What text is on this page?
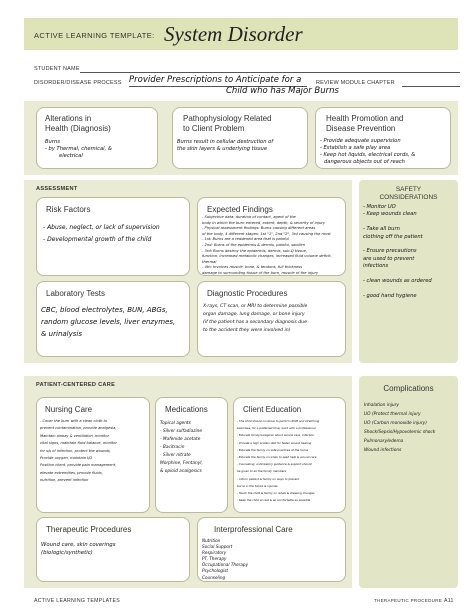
ACTIVE LEARNING TEMPLATE: System Disorder
STUDENT NAME
DISORDER/DISEASE PROCESS Provider Prescriptions to Anticipate for a
Child who has Major Burns
REVIEW MODULE CHAPTER
Alterations in
Health (Diagnosis)
Burns
- by Thermal, chemical, &
electrical
Pathophysiology Related
to Client Problem
Burns result in cellular destruction of
the skin layers & underlying tissue
Health Promotion and
Disease Prevention
- Provide adequate supervision
- Establish a safe play area
- Keep hot liquids, electrical cords, &
dangerous objects out of reach
ASSESSMENT
Risk Factors
- Abuse, neglect, or lack of supervision
- Developmental growth of the child
Expected Findings
- Subjective data: duration of contact, agent of the
body in which the burn entered, extent, depth, & severity of injury
- Physical assessment findings: Burns causing different areas
of the body, 4 different stages: 1st "1", 2nd "2", 3rd causing the most
- 1st: Burns are a reddened area that is painful
- 2nd: Burns of the epidermis & dermis, painful, swollen
- 3rd: Burns destroy the epidermis, dermis, sub-Q tissue,
function, Increased metabolic changes, increased fluid volume deficit, thermal
- 4th: Involves muscle, bone, & tendons, full thickness
damage to surrounding tissue of the burn, muscle of the injury
Laboratory Tests
CBC, blood electrolytes, BUN, ABGs,
random glucose levels, liver enzymes,
& urinalysis
Diagnostic Procedures
X-rays, CT scan, or MRI to determine possible
organ damage, lung damage, or bone injury
(if the patient has a secondary diagnosis due
to the accident they were involved in)
SAFETY
CONSIDERATIONS
- Monitor UO
- Keep wounds clean

- Take all burn
clothing off the patient

- Ensure precautions
are used to prevent
infections

- clean wounds as ordered

- good hand hygiene
PATIENT-CENTERED CARE
Nursing Care
- Cover the burn with a clean cloth to
prevent contamination, provide analgesia,
Maintain airway & ventilation, monitor
vital signs, maintain fluid balance, monitor
for s/s of infection, protect the wounds,
Provide oxygen, maintain I/O
Position client, provide pain management,
elevate extremities, provide fluids,
nutrition, prevent infection
Medications
Topical agents
- Silver sulfadiazine
- Mafenide acetate
- Bacitracin
- Silver nitrate
Morphine, Fentanyl,
& opioid analgesics
Client Education
- The child should continue to perform ROM and stretching
exercises, for a preferred time, work with a professional
- Educate family/caregiver about wound care, infection
- Provide a high protein diet for faster wound healing
- Educate the family on safe practices at the home
- Educate the family on when to seek help & wound care
- Counseling, anticipatory guidance & support should
be given to all the family members
- Inform patient & family on ways to prevent
burns in the future & injuries
- Teach the child & family on rehab & dressing changes
- Keep the child at rest & as comfortable as possible
Therapeutic Procedures
Wound care, skin coverings
(biologic/synthetic)
Interprofessional Care
Nutrition
Social Support
Respiratory
PT, Therapy
Occupational Therapy
Psychologist
Counseling
Complications
Inhalation injury
UO (Protect thermal injury
UO (Carbon monoxide injury)
Shock/Sepsis/Hypovolemic shock
Pulmonary/edema
Wound infections
ACTIVE LEARNING TEMPLATES	THERAPEUTIC PROCEDURE A11
